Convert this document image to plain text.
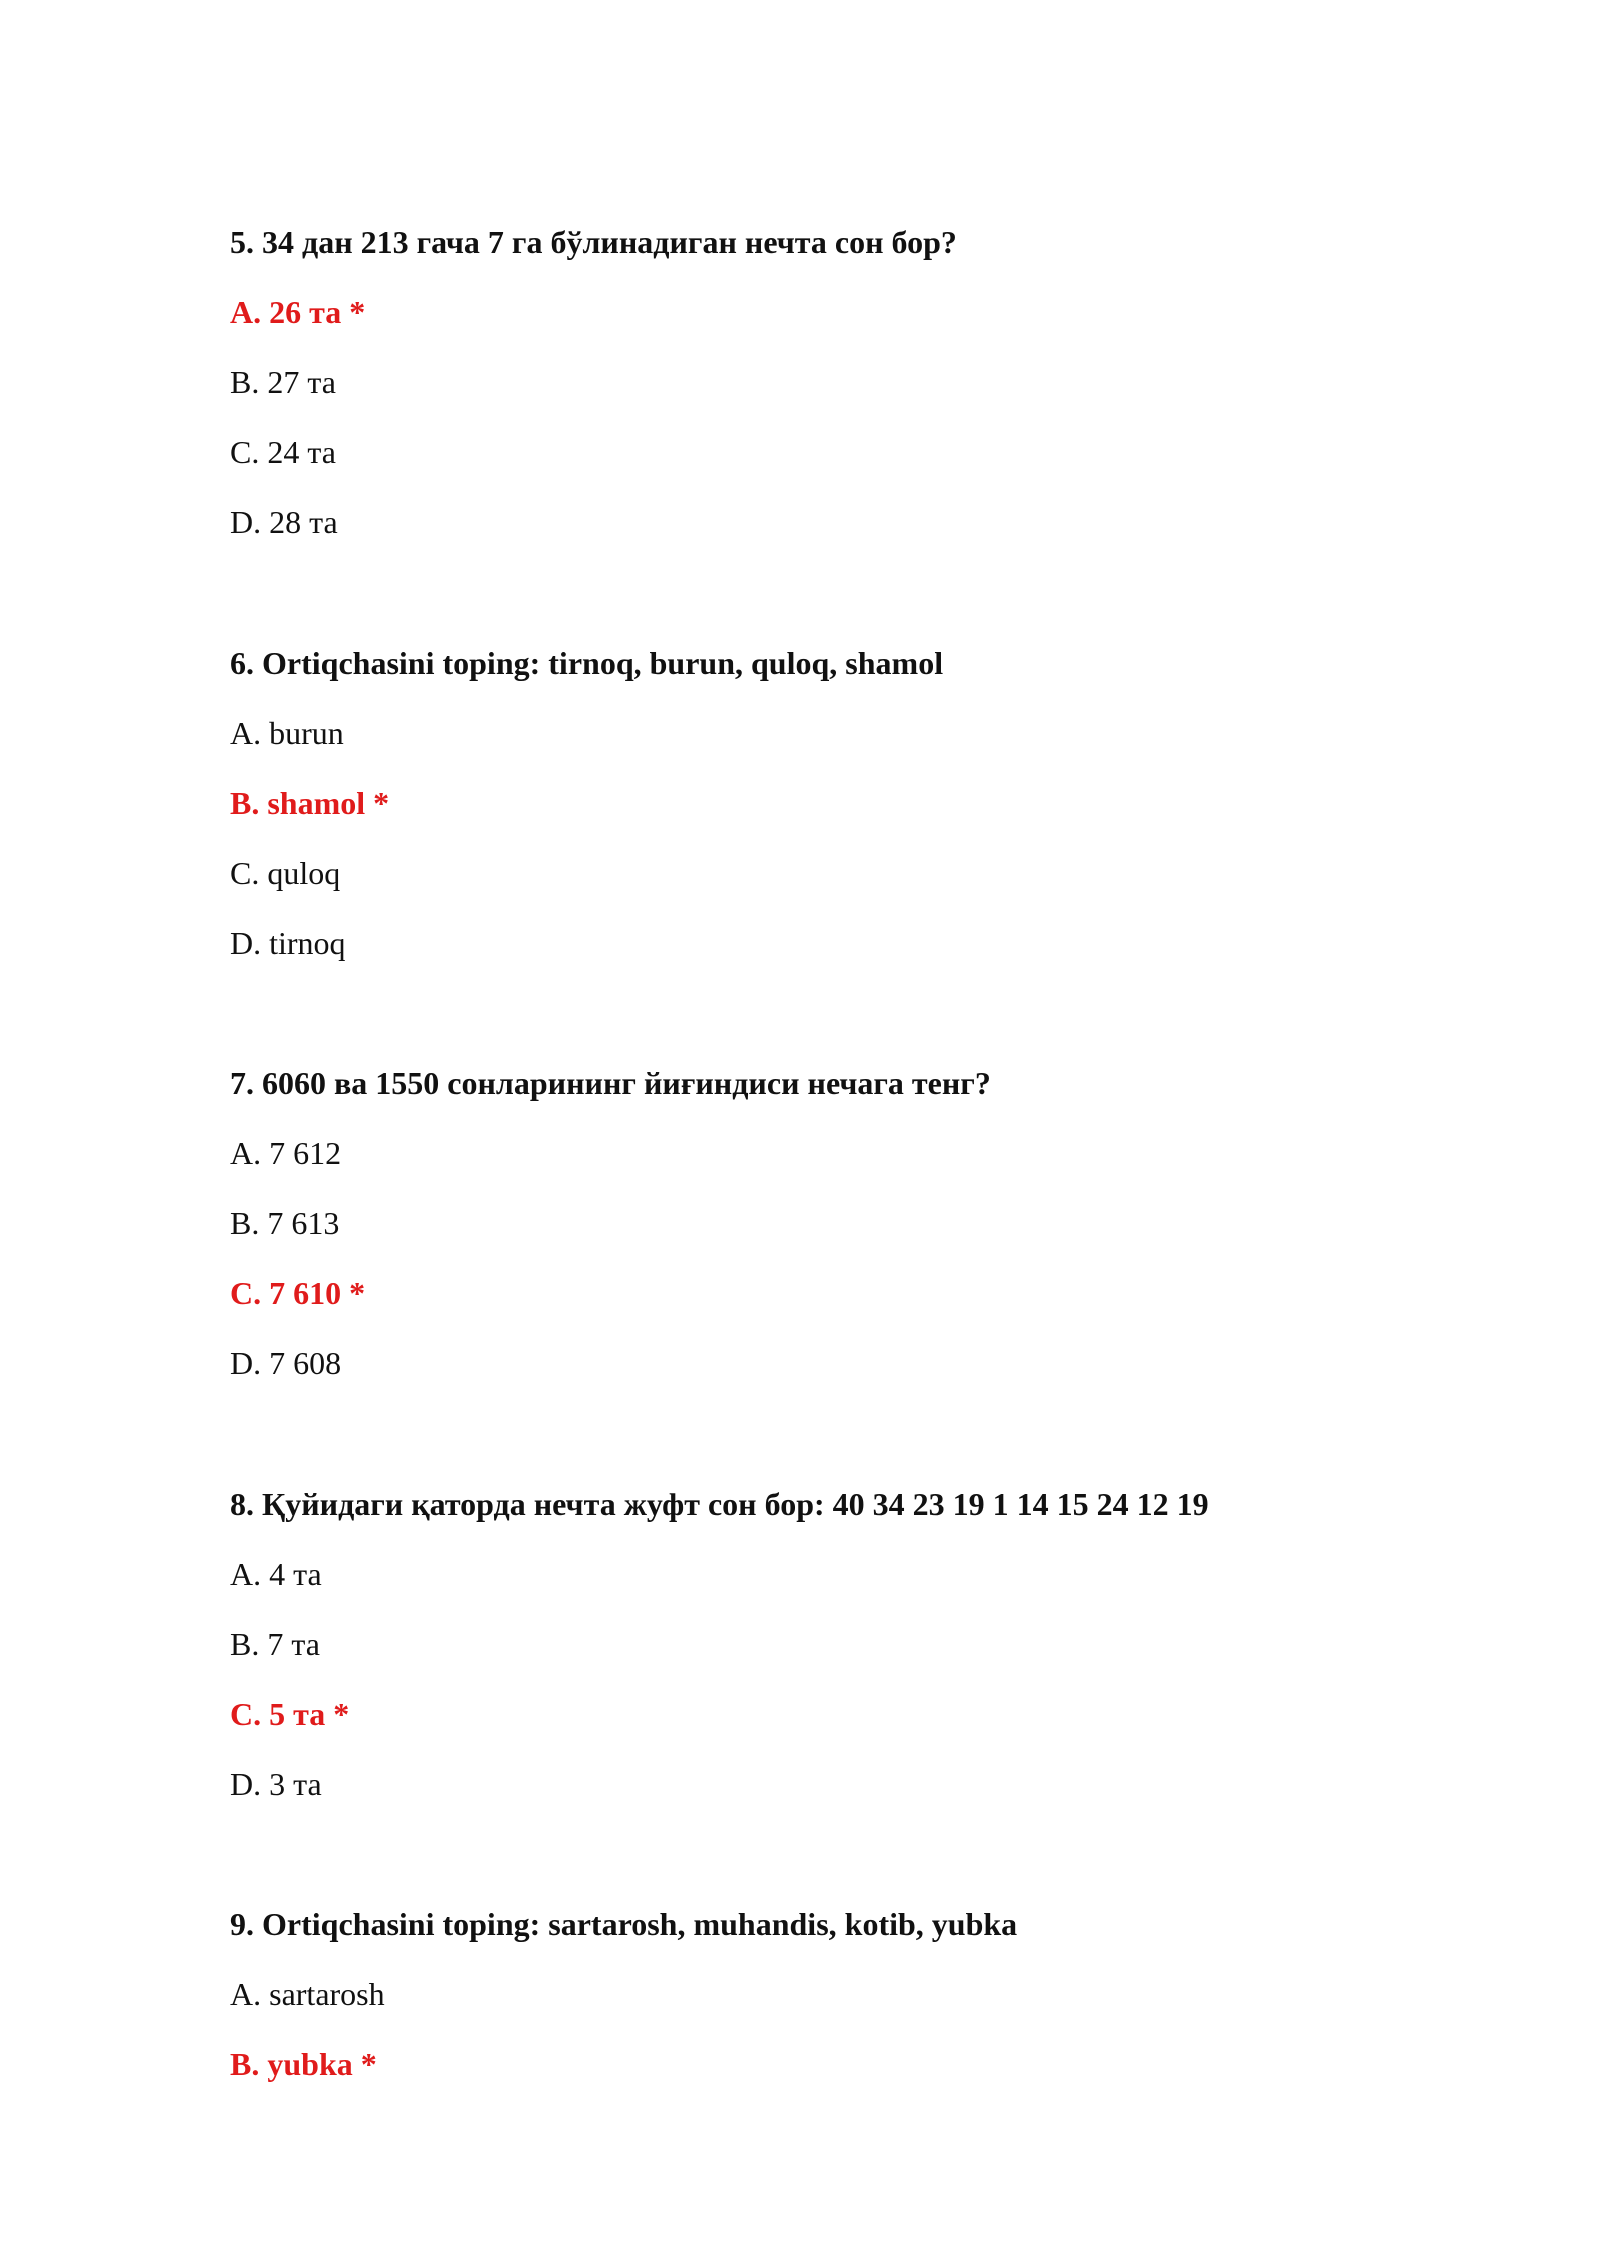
5. 34 дан 213 гача 7 га бўлинадиган нечта сон бор?

A. 26 та *
B. 27 та
C. 24 та
D. 28 та

6. Ortiqchasini toping: tirnoq, burun, quloq, shamol

A. burun
B. shamol *
C. quloq
D. tirnoq

7. 6060 ва 1550 сонларининг йиғиндиси нечага тенг?

A. 7 612
B. 7 613
C. 7 610 *
D. 7 608

8. Қуйидаги қаторда нечта жуфт сон бор: 40 34 23 19 1 14 15 24 12 19

A. 4 та
B. 7 та
C. 5 та *
D. 3 та

9. Ortiqchasini toping: sartarosh, muhandis, kotib, yubka

A. sartarosh
B. yubka *
